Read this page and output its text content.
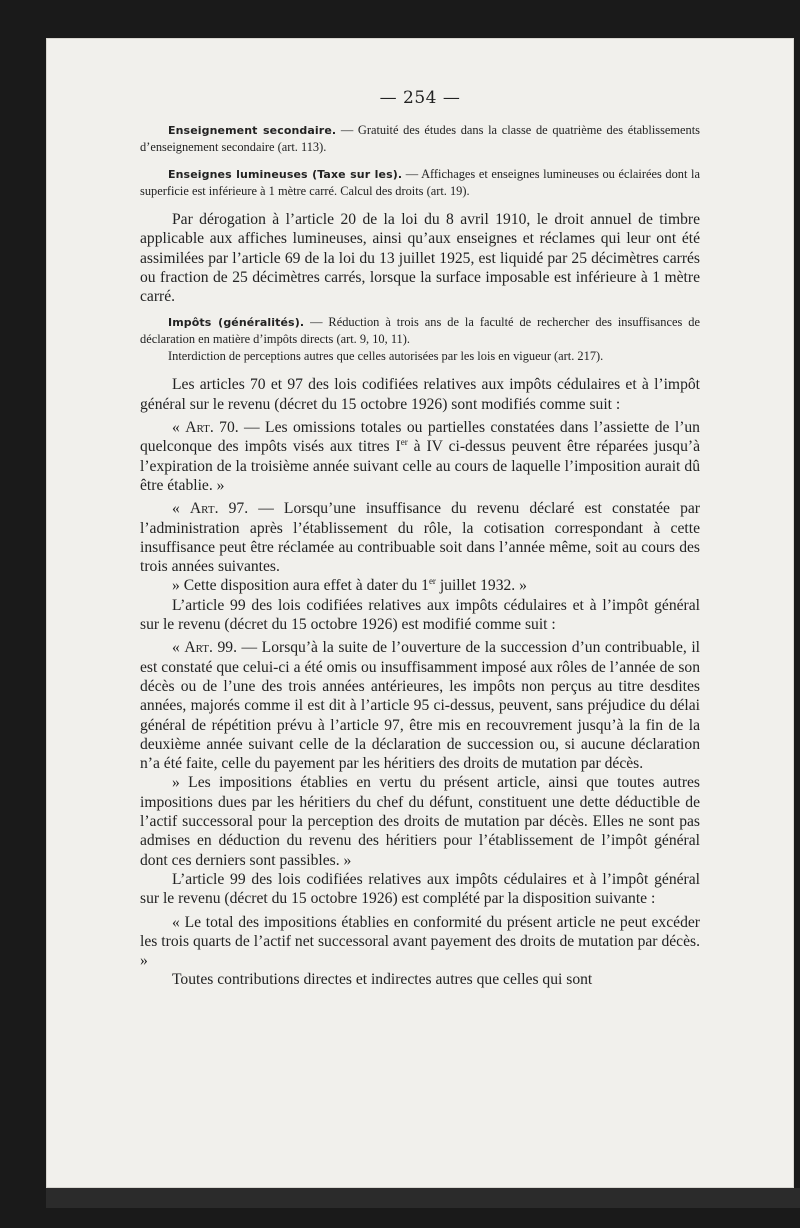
— 254 —

Enseignement secondaire. — Gratuité des études dans la classe de quatrième des établissements d’enseignement secondaire (art. 113).

Enseignes lumineuses (Taxe sur les). — Affichages et enseignes lumineuses ou éclairées dont la superficie est inférieure à 1 mètre carré. Calcul des droits (art. 19).

Par dérogation à l’article 20 de la loi du 8 avril 1910, le droit annuel de timbre applicable aux affiches lumineuses, ainsi qu’aux enseignes et réclames qui leur ont été assimilées par l’article 69 de la loi du 13 juillet 1925, est liquidé par 25 décimètres carrés ou fraction de 25 décimètres carrés, lorsque la surface imposable est inférieure à 1 mètre carré.

Impôts (généralités). — Réduction à trois ans de la faculté de rechercher des insuffisances de déclaration en matière d’impôts directs (art. 9, 10, 11).

Interdiction de perceptions autres que celles autorisées par les lois en vigueur (art. 217).

Les articles 70 et 97 des lois codifiées relatives aux impôts cédulaires et à l’impôt général sur le revenu (décret du 15 octobre 1926) sont modifiés comme suit :

« Art. 70. — Les omissions totales ou partielles constatées dans l’assiette de l’un quelconque des impôts visés aux titres Ier à IV ci-dessus peuvent être réparées jusqu’à l’expiration de la troisième année suivant celle au cours de laquelle l’imposition aurait dû être établie. »

« Art. 97. — Lorsqu’une insuffisance du revenu déclaré est constatée par l’administration après l’établissement du rôle, la cotisation correspondant à cette insuffisance peut être réclamée au contribuable soit dans l’année même, soit au cours des trois années suivantes.

» Cette disposition aura effet à dater du 1er juillet 1932. »

L’article 99 des lois codifiées relatives aux impôts cédulaires et à l’impôt général sur le revenu (décret du 15 octobre 1926) est modifié comme suit :

« Art. 99. — Lorsqu’à la suite de l’ouverture de la succession d’un contribuable, il est constaté que celui-ci a été omis ou insuffisamment imposé aux rôles de l’année de son décès ou de l’une des trois années antérieures, les impôts non perçus au titre desdites années, majorés comme il est dit à l’article 95 ci-dessus, peuvent, sans préjudice du délai général de répétition prévu à l’article 97, être mis en recouvrement jusqu’à la fin de la deuxième année suivant celle de la déclaration de succession ou, si aucune déclaration n’a été faite, celle du payement par les héritiers des droits de mutation par décès.

» Les impositions établies en vertu du présent article, ainsi que toutes autres impositions dues par les héritiers du chef du défunt, constituent une dette déductible de l’actif successoral pour la perception des droits de mutation par décès. Elles ne sont pas admises en déduction du revenu des héritiers pour l’établissement de l’impôt général dont ces derniers sont passibles. »

L’article 99 des lois codifiées relatives aux impôts cédulaires et à l’impôt général sur le revenu (décret du 15 octobre 1926) est complété par la disposition suivante :

« Le total des impositions établies en conformité du présent article ne peut excéder les trois quarts de l’actif net successoral avant payement des droits de mutation par décès. »

Toutes contributions directes et indirectes autres que celles qui sont
